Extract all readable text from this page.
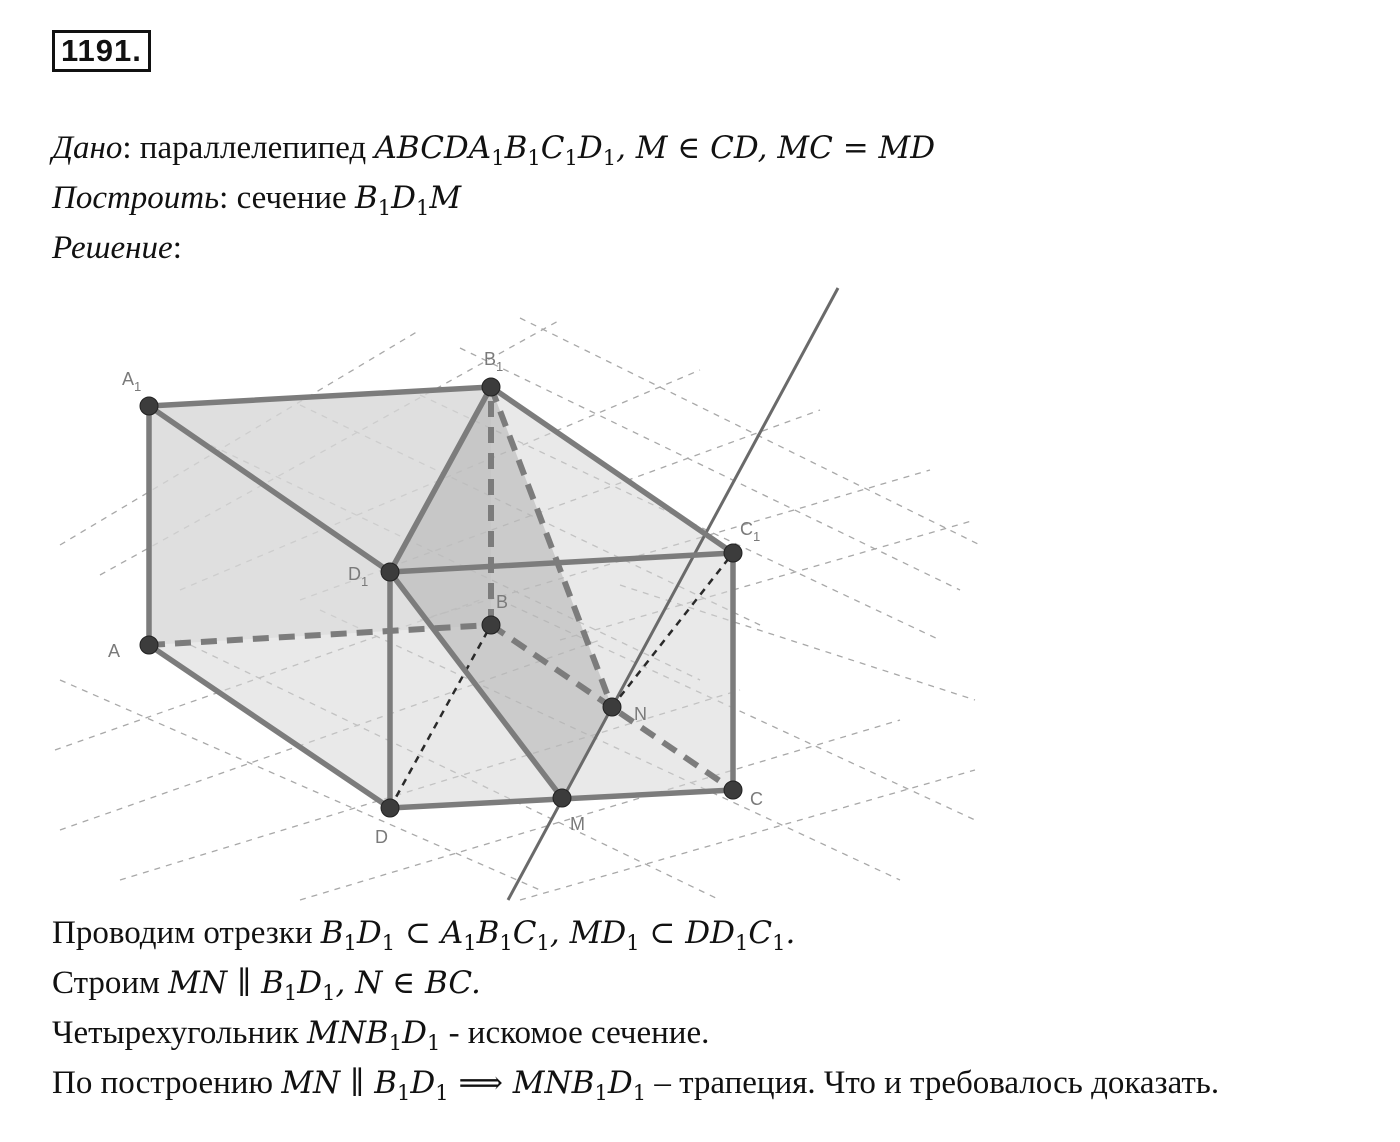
1191.
Дано: параллелепипед $ABCDA_1B_1C_1D_1$, M ∈ CD, MC = MD
Построить: сечение $B_1D_1M$
Решение:
$A_1$
$B_1$
$C_1$
$D_1$
A
B
C
D
M
N
Проводим отрезки $B_1D_1$ ⊂ $A_1B_1C_1$, $MD_1$ ⊂ $DD_1C_1$.
Строим MN ∥ $B_1D_1$, N ∈ BC.
Четырехугольник $MNB_1D_1$ - искомое сечение.
По построению MN ∥ $B_1D_1$ ⟹ $MNB_1D_1$ – трапеция. Что и требовалось доказать.
